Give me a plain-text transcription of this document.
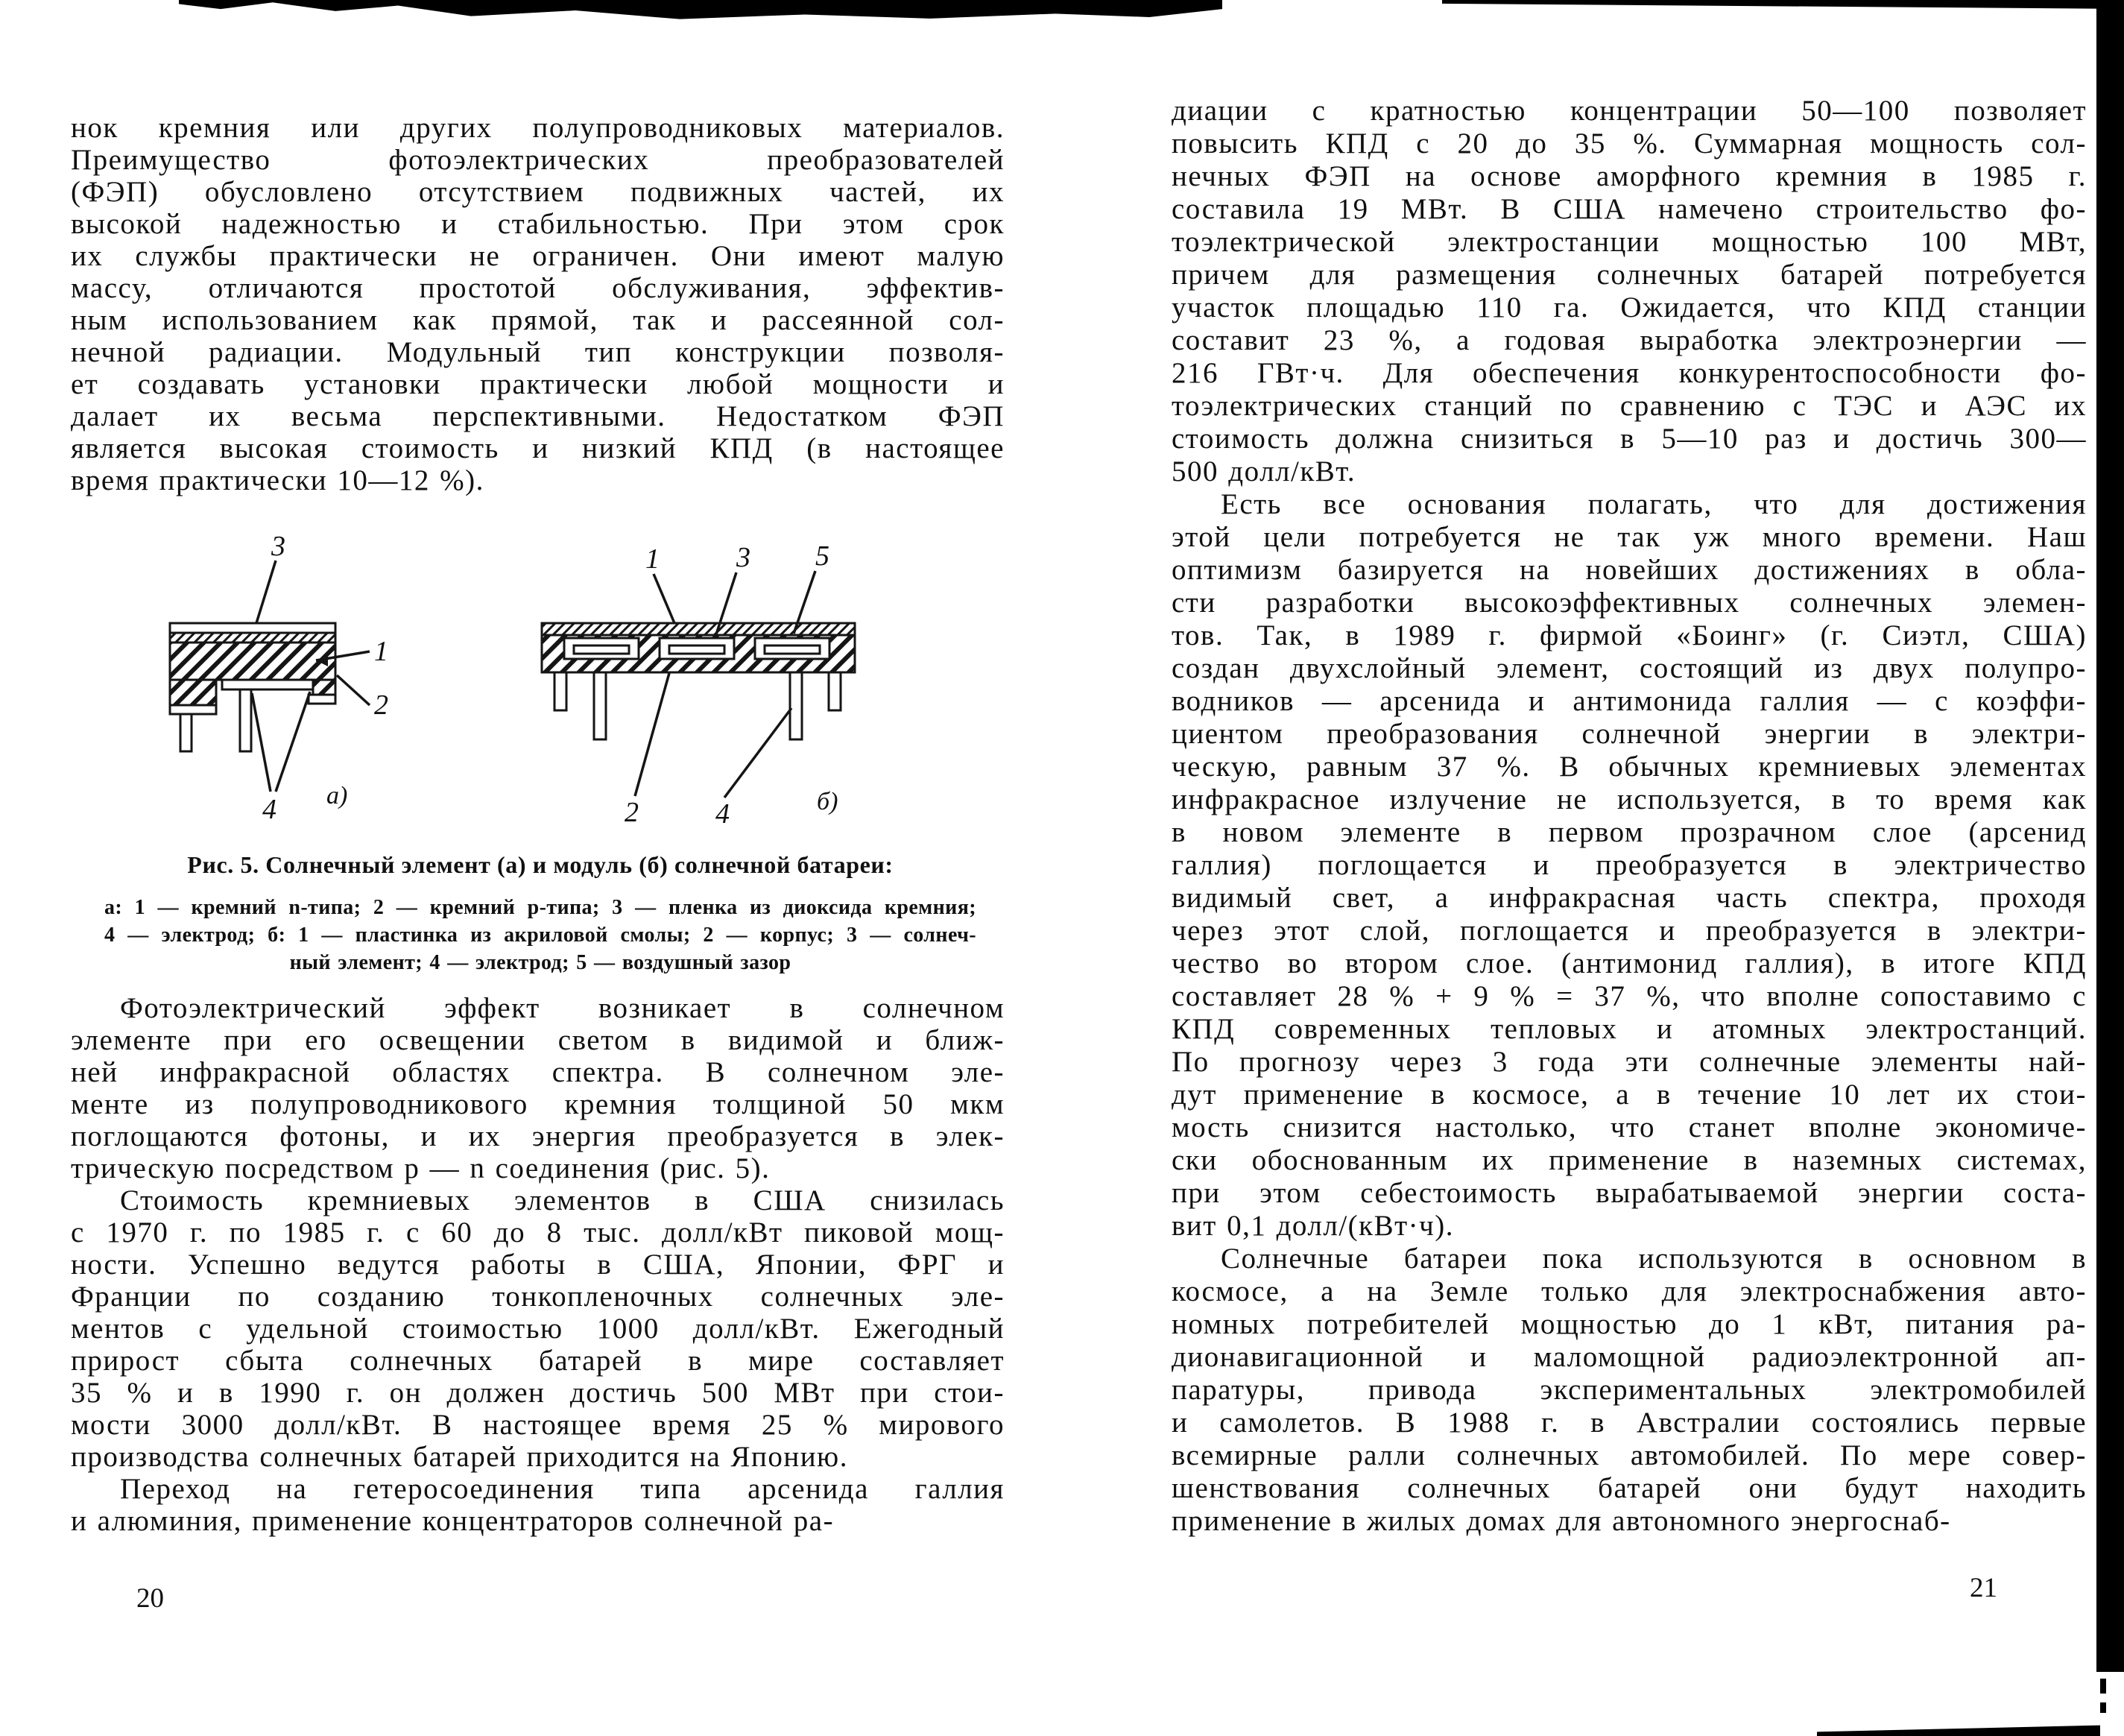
нок кремния или других полупроводниковых материалов.
Преимущество фотоэлектрических преобразователей
(ФЭП) обусловлено отсутствием подвижных частей, их
высокой надежностью и стабильностью. При этом срок
их службы практически не ограничен. Они имеют малую
массу, отличаются простотой обслуживания, эффектив-
ным использованием как прямой, так и рассеянной сол-
нечной радиации. Модульный тип конструкции позволя-
ет создавать установки практически любой мощности и
далает их весьма перспективными. Недостатком ФЭП
является высокая стоимость и низкий КПД (в настоящее
время практически 10—12 %).
3
1
2
4 а)
1	3 5
2	4	б)
Рис. 5. Солнечный элемент (а) и модуль (б) солнечной батареи:
а: 1 — кремний n-типа; 2 — кремний p-типа; 3 — пленка из диоксида кремния;
4 — электрод; б: 1 — пластинка из акриловой смолы; 2 — корпус; 3 — солнеч-
ный элемент; 4 — электрод; 5 — воздушный зазор
Фотоэлектрический эффект возникает в солнечном
элементе при его освещении светом в видимой и ближ-
ней инфракрасной областях спектра. В солнечном эле-
менте из полупроводникового кремния толщиной 50 мкм
поглощаются фотоны, и их энергия преобразуется в элек-
трическую посредством p — n соединения (рис. 5).
Стоимость кремниевых элементов в США снизилась
с 1970 г. по 1985 г. с 60 до 8 тыс. долл/кВт пиковой мощ-
ности. Успешно ведутся работы в США, Японии, ФРГ и
Франции по созданию тонкопленочных солнечных эле-
ментов с удельной стоимостью 1000 долл/кВт. Ежегодный
прирост сбыта солнечных батарей в мире составляет
35 % и в 1990 г. он должен достичь 500 МВт при стои-
мости 3000 долл/кВт. В настоящее время 25 % мирового
производства солнечных батарей приходится на Японию.
Переход на гетеросоединения типа арсенида галлия
и алюминия, применение концентраторов солнечной ра-
20
диации с кратностью концентрации 50—100 позволяет
повысить КПД с 20 до 35 %. Суммарная мощность сол-
нечных ФЭП на основе аморфного кремния в 1985 г.
составила 19 МВт. В США намечено строительство фо-
тоэлектрической электростанции мощностью 100 МВт,
причем для размещения солнечных батарей потребуется
участок площадью 110 га. Ожидается, что КПД станции
составит 23 %, а годовая выработка электроэнергии —
216 ГВт·ч. Для обеспечения конкурентоспособности фо-
тоэлектрических станций по сравнению с ТЭС и АЭС их
стоимость должна снизиться в 5—10 раз и достичь 300—
500 долл/кВт.
Есть все основания полагать, что для достижения
этой цели потребуется не так уж много времени. Наш
оптимизм базируется на новейших достижениях в обла-
сти разработки высокоэффективных солнечных элемен-
тов. Так, в 1989 г. фирмой «Боинг» (г. Сиэтл, США)
создан двухслойный элемент, состоящий из двух полупро-
водников — арсенида и антимонида галлия — с коэффи-
циентом преобразования солнечной энергии в электри-
ческую, равным 37 %. В обычных кремниевых элементах
инфракрасное излучение не используется, в то время как
в новом элементе в первом прозрачном слое (арсенид
галлия) поглощается и преобразуется в электричество
видимый свет, а инфракрасная часть спектра, проходя
через этот слой, поглощается и преобразуется в электри-
чество во втором слое. (антимонид галлия), в итоге КПД
составляет 28 % + 9 % = 37 %, что вполне сопоставимо с
КПД современных тепловых и атомных электростанций.
По прогнозу через 3 года эти солнечные элементы най-
дут применение в космосе, а в течение 10 лет их стои-
мость снизится настолько, что станет вполне экономиче-
ски обоснованным их применение в наземных системах,
при этом себестоимость вырабатываемой энергии соста-
вит 0,1 долл/(кВт·ч).
Солнечные батареи пока используются в основном в
космосе, а на Земле только для электроснабжения авто-
номных потребителей мощностью до 1 кВт, питания ра-
дионавигационной и маломощной радиоэлектронной ап-
паратуры, привода экспериментальных электромобилей
и самолетов. В 1988 г. в Австралии состоялись первые
всемирные ралли солнечных автомобилей. По мере совер-
шенствования солнечных батарей они будут находить
применение в жилых домах для автономного энергоснаб-
21
